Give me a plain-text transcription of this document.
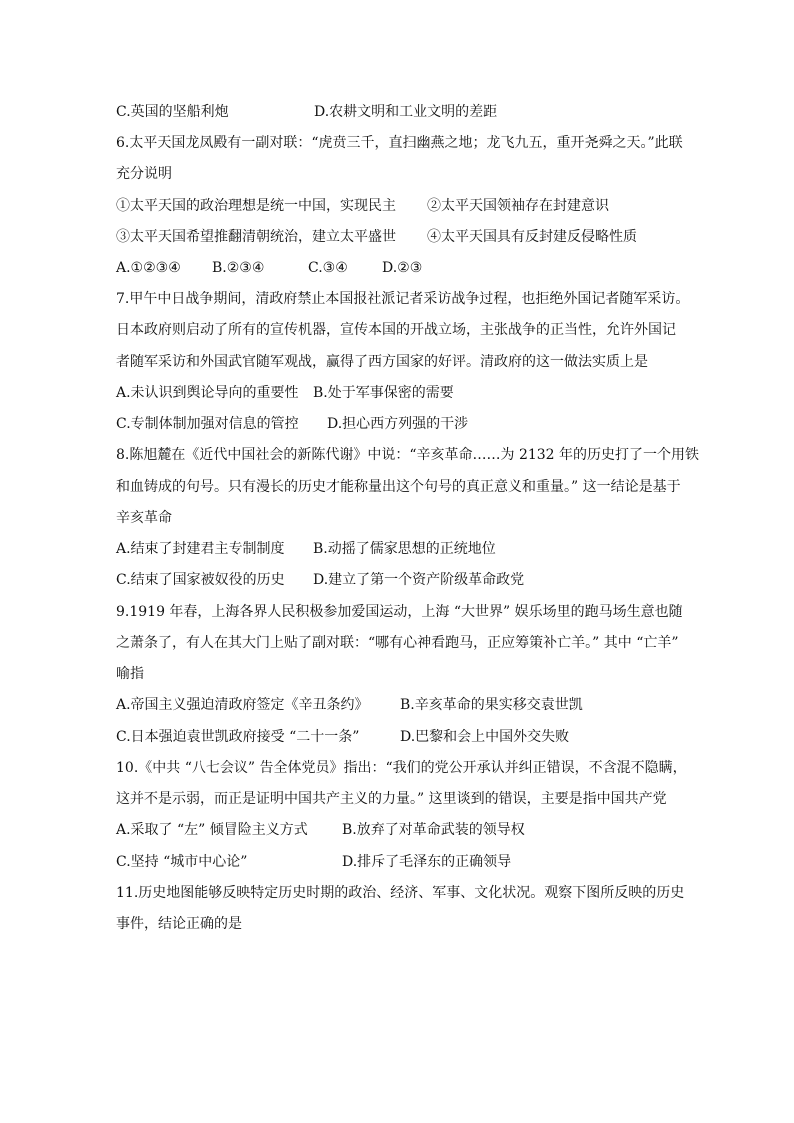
C.英国的坚船利炮	D.农耕文明和工业文明的差距
6.太平天国龙凤殿有一副对联：“虎贲三千，直扫幽燕之地；龙飞九五，重开尧舜之天。”此联
充分说明
①太平天国的政治理想是统一中国，实现民主 ②太平天国领袖存在封建意识
③太平天国希望推翻清朝统治，建立太平盛世 ④太平天国具有反封建反侵略性质
A.①②③④ B.②③④	C.③④ D.②③
7.甲午中日战争期间，清政府禁止本国报社派记者采访战争过程，也拒绝外国记者随军采访。
日本政府则启动了所有的宣传机器，宣传本国的开战立场，主张战争的正当性，允许外国记
者随军采访和外国武官随军观战，赢得了西方国家的好评。清政府的这一做法实质上是
A.未认识到舆论导向的重要性 B.处于军事保密的需要
C.专制体制加强对信息的管控 D.担心西方列强的干涉
8.陈旭麓在《近代中国社会的新陈代谢》中说：“辛亥革命……为 2132 年的历史打了一个用铁
和血铸成的句号。只有漫长的历史才能称量出这个句号的真正意义和重量。” 这一结论是基于
辛亥革命
A.结束了封建君主专制制度 B.动摇了儒家思想的正统地位
C.结束了国家被奴役的历史 D.建立了第一个资产阶级革命政党
9.1919 年春，上海各界人民积极参加爱国运动，上海 “大世界” 娱乐场里的跑马场生意也随
之萧条了，有人在其大门上贴了副对联：“哪有心神看跑马，正应筹策补亡羊。” 其中 “亡羊”
喻指
A.帝国主义强迫清政府签定《辛丑条约》 B.辛亥革命的果实移交袁世凯
C.日本强迫袁世凯政府接受 “二十一条”	D.巴黎和会上中国外交失败
10.《中共 “八七会议” 告全体党员》指出：“我们的党公开承认并纠正错误，不含混不隐瞒，
这并不是示弱，而正是证明中国共产主义的力量。” 这里谈到的错误，主要是指中国共产党
A.采取了 “左” 倾冒险主义方式 B.放弃了对革命武装的领导权
C.坚持 “城市中心论”	D.排斥了毛泽东的正确领导
11.历史地图能够反映特定历史时期的政治、经济、军事、文化状况。观察下图所反映的历史
事件，结论正确的是
